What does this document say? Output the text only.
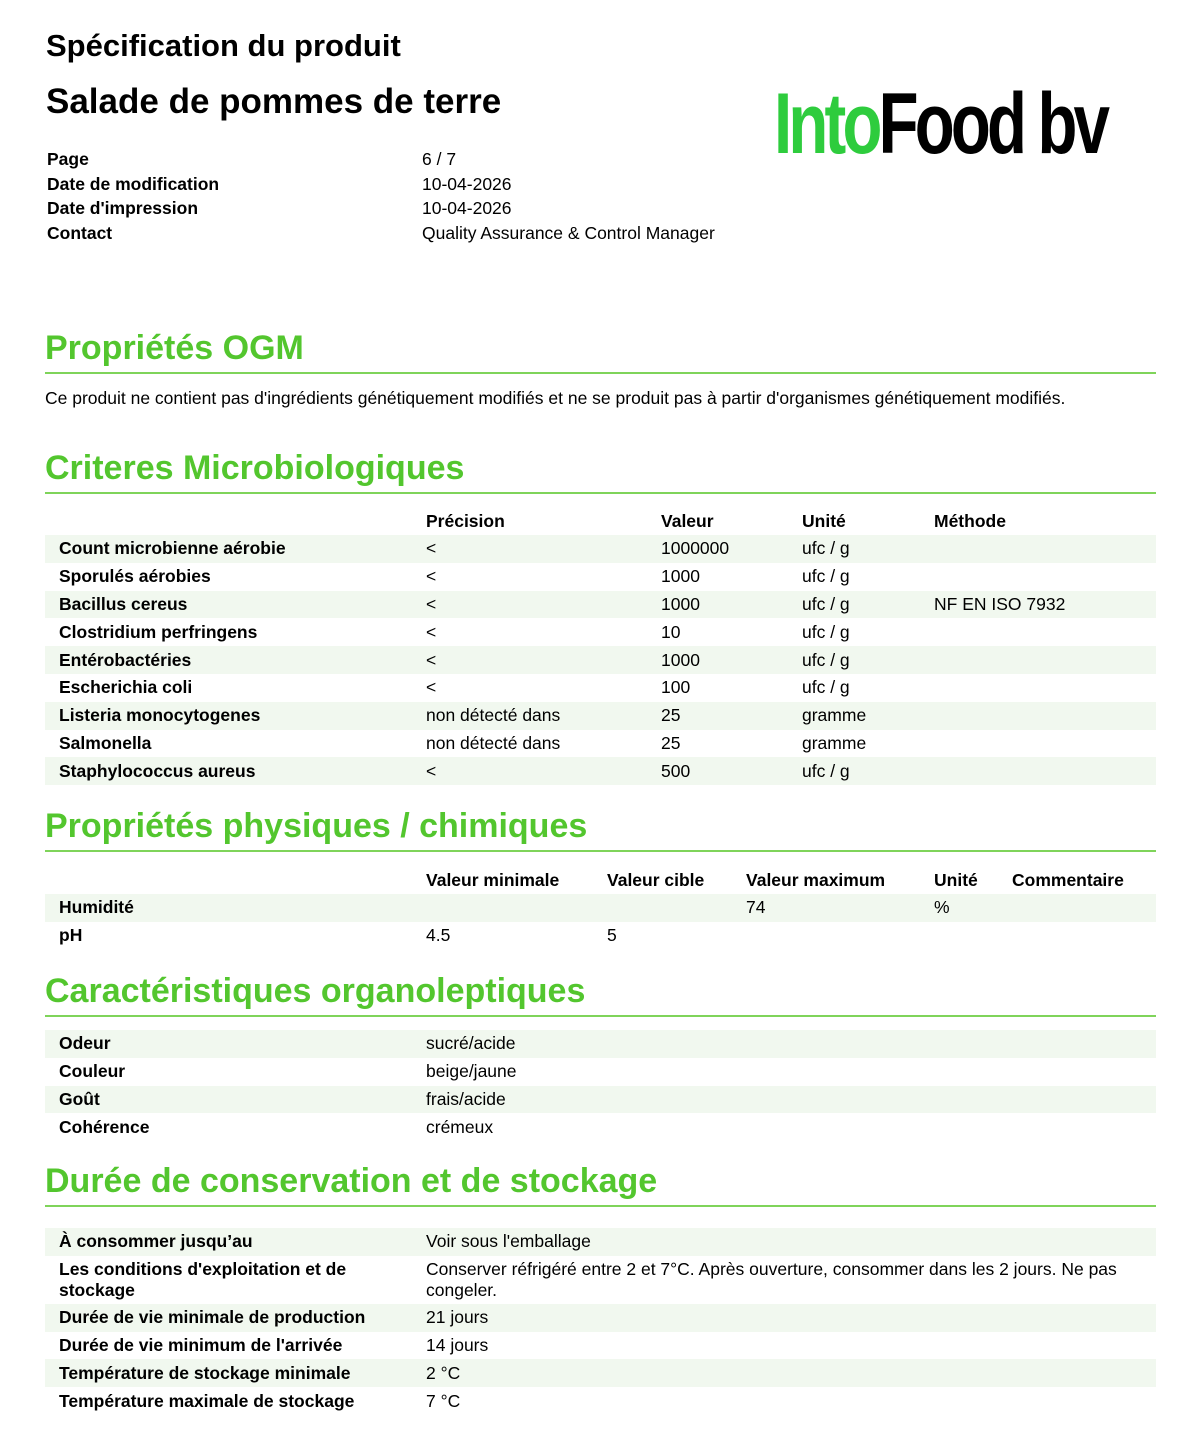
Spécification du produit
Salade de pommes de terre
Page	6 / 7
Date de modification	10-04-2026
Date d'impression	10-04-2026
Contact	Quality Assurance & Control Manager
IntoFood bv
Propriétés OGM
Ce produit ne contient pas d'ingrédients génétiquement modifiés et ne se produit pas à partir d'organismes génétiquement modifiés.
Criteres Microbiologiques
	Précision	Valeur	Unité	Méthode
Count microbienne aérobie	<	1000000	ufc / g	
Sporulés aérobies	<	1000	ufc / g	
Bacillus cereus	<	1000	ufc / g	NF EN ISO 7932
Clostridium perfringens	<	10	ufc / g	
Entérobactéries	<	1000	ufc / g	
Escherichia coli	<	100	ufc / g	
Listeria monocytogenes	non détecté dans	25	gramme	
Salmonella	non détecté dans	25	gramme	
Staphylococcus aureus	<	500	ufc / g	
Propriétés physiques / chimiques
	Valeur minimale	Valeur cible	Valeur maximum	Unité	Commentaire
Humidité			74	%	
pH	4.5	5			
Caractéristiques organoleptiques
Odeur	sucré/acide
Couleur	beige/jaune
Goût	frais/acide
Cohérence	crémeux
Durée de conservation et de stockage
À consommer jusqu’au	Voir sous l'emballage
Les conditions d'exploitation et de stockage	Conserver réfrigéré entre 2 et 7°C. Après ouverture, consommer dans les 2 jours. Ne pas congeler.
Durée de vie minimale de production	21 jours
Durée de vie minimum de l'arrivée	14 jours
Température de stockage minimale	2 °C
Température maximale de stockage	7 °C
